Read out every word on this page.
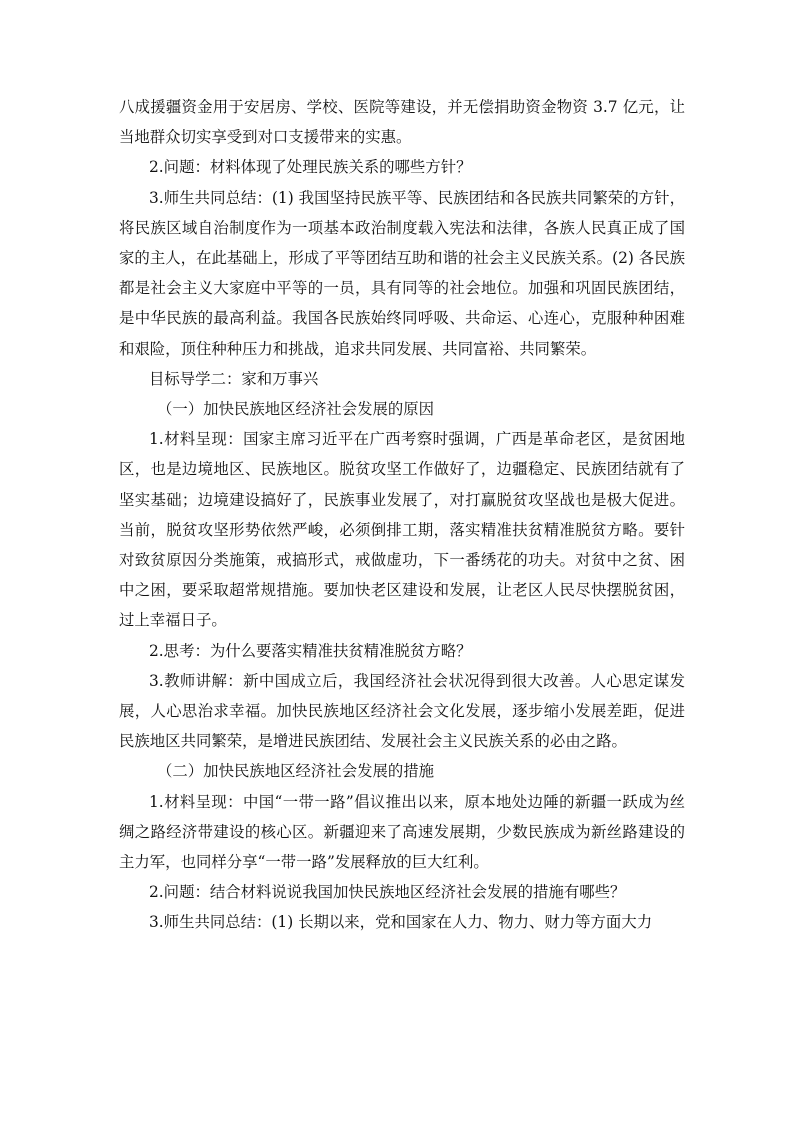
八成援疆资金用于安居房、学校、医院等建设，并无偿捐助资金物资 3.7 亿元，让当地群众切实享受到对口支援带来的实惠。

2.问题：材料体现了处理民族关系的哪些方针？

3.师生共同总结：(1) 我国坚持民族平等、民族团结和各民族共同繁荣的方针，将民族区域自治制度作为一项基本政治制度载入宪法和法律，各族人民真正成了国家的主人，在此基础上，形成了平等团结互助和谐的社会主义民族关系。(2) 各民族都是社会主义大家庭中平等的一员，具有同等的社会地位。加强和巩固民族团结，是中华民族的最高利益。我国各民族始终同呼吸、共命运、心连心，克服种种困难和艰险，顶住种种压力和挑战，追求共同发展、共同富裕、共同繁荣。

目标导学二：家和万事兴

（一）加快民族地区经济社会发展的原因

1.材料呈现：国家主席习近平在广西考察时强调，广西是革命老区，是贫困地区，也是边境地区、民族地区。脱贫攻坚工作做好了，边疆稳定、民族团结就有了坚实基础；边境建设搞好了，民族事业发展了，对打赢脱贫攻坚战也是极大促进。当前，脱贫攻坚形势依然严峻，必须倒排工期，落实精准扶贫精准脱贫方略。要针对致贫原因分类施策，戒搞形式，戒做虚功，下一番绣花的功夫。对贫中之贫、困中之困，要采取超常规措施。要加快老区建设和发展，让老区人民尽快摆脱贫困，过上幸福日子。

2.思考：为什么要落实精准扶贫精准脱贫方略？

3.教师讲解：新中国成立后，我国经济社会状况得到很大改善。人心思定谋发展，人心思治求幸福。加快民族地区经济社会文化发展，逐步缩小发展差距，促进民族地区共同繁荣，是增进民族团结、发展社会主义民族关系的必由之路。

（二）加快民族地区经济社会发展的措施

1.材料呈现：中国“一带一路”倡议推出以来，原本地处边陲的新疆一跃成为丝绸之路经济带建设的核心区。新疆迎来了高速发展期，少数民族成为新丝路建设的主力军，也同样分享“一带一路”发展释放的巨大红利。

2.问题：结合材料说说我国加快民族地区经济社会发展的措施有哪些？

3.师生共同总结：(1) 长期以来，党和国家在人力、物力、财力等方面大力
